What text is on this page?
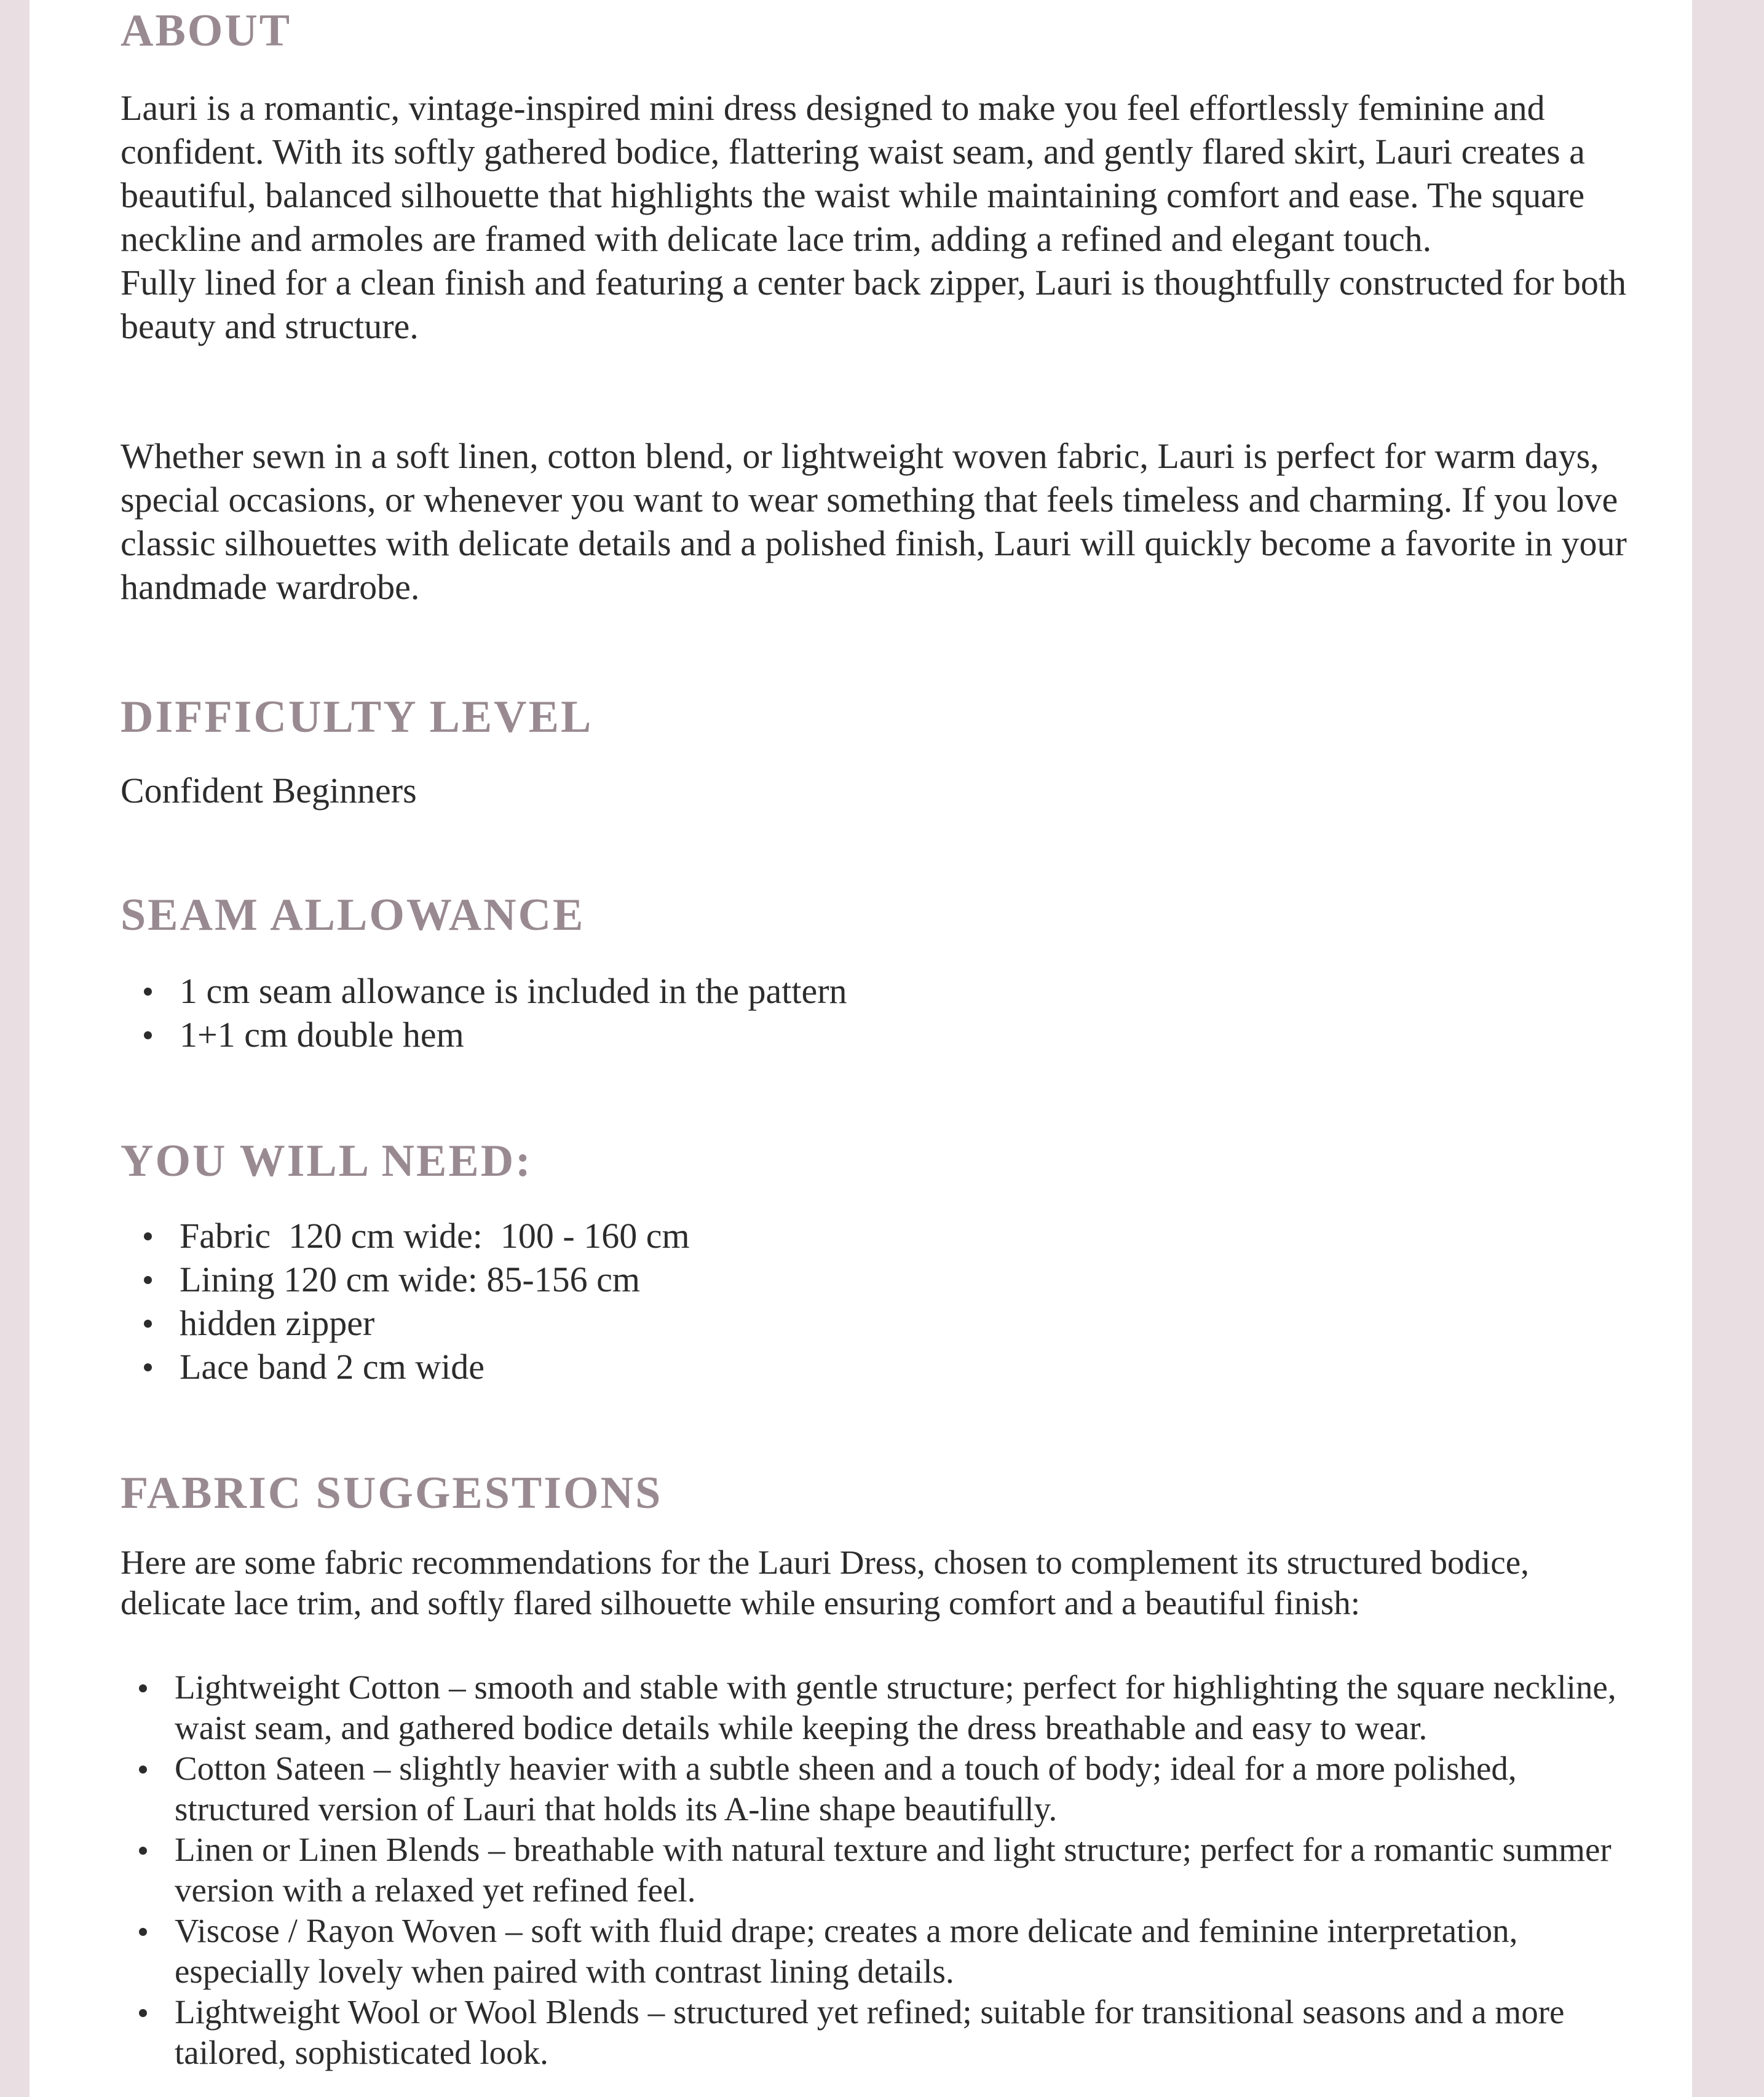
ABOUT

Lauri is a romantic, vintage-inspired mini dress designed to make you feel effortlessly feminine and confident. With its softly gathered bodice, flattering waist seam, and gently flared skirt, Lauri creates a beautiful, balanced silhouette that highlights the waist while maintaining comfort and ease. The square neckline and armoles are framed with delicate lace trim, adding a refined and elegant touch.
Fully lined for a clean finish and featuring a center back zipper, Lauri is thoughtfully constructed for both beauty and structure.

Whether sewn in a soft linen, cotton blend, or lightweight woven fabric, Lauri is perfect for warm days, special occasions, or whenever you want to wear something that feels timeless and charming. If you love classic silhouettes with delicate details and a polished finish, Lauri will quickly become a favorite in your handmade wardrobe.

DIFFICULTY LEVEL

Confident Beginners

SEAM ALLOWANCE
1 cm seam allowance is included in the pattern
1+1 cm double hem
YOU WILL NEED:
Fabric  120 cm wide:  100 - 160 cm
Lining 120 cm wide: 85-156 cm
hidden zipper
Lace band 2 cm wide
FABRIC SUGGESTIONS

Here are some fabric recommendations for the Lauri Dress, chosen to complement its structured bodice, delicate lace trim, and softly flared silhouette while ensuring comfort and a beautiful finish:

Lightweight Cotton – smooth and stable with gentle structure; perfect for highlighting the square neckline, waist seam, and gathered bodice details while keeping the dress breathable and easy to wear.
Cotton Sateen – slightly heavier with a subtle sheen and a touch of body; ideal for a more polished, structured version of Lauri that holds its A-line shape beautifully.
Linen or Linen Blends – breathable with natural texture and light structure; perfect for a romantic summer version with a relaxed yet refined feel.
Viscose / Rayon Woven – soft with fluid drape; creates a more delicate and feminine interpretation, especially lovely when paired with contrast lining details.
Lightweight Wool or Wool Blends – structured yet refined; suitable for transitional seasons and a more tailored, sophisticated look.
